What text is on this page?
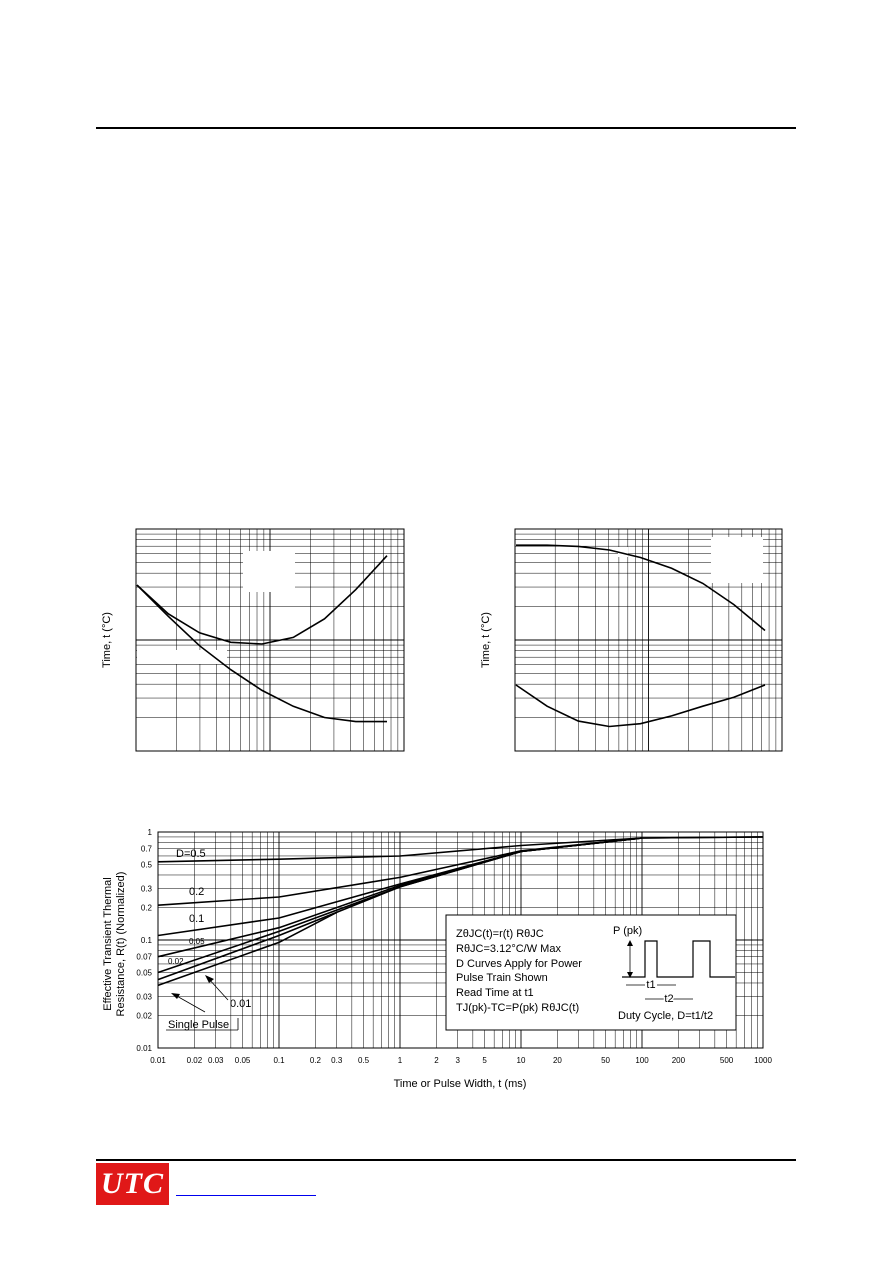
UTC
Time, t (°C)	Time, t (°C)
1
0.7
0.5
0.3
0.2
0.1
0.07
0.05
0.03
0.02
0.01
0.01	0.02 0.03 0.05	0.1	0.2 0.3 0.5	1	2 3	5	10	20	50	100	200	500	1000
Time or Pulse Width, t (ms)
Effective Transient Thermal Resistance, R(t) (Normalized)
D=0.5
0.2
0.1
0.05
0.02
0.01
Single Pulse
ZθJC(t)=r(t) RθJC
RθJC=3.12°C/W Max
D Curves Apply for Power
Pulse Train Shown
Read Time at t1
TJ(pk)-TC=P(pk) RθJC(t)
P (pk)
t1
t2
Duty Cycle, D=t1/t2
